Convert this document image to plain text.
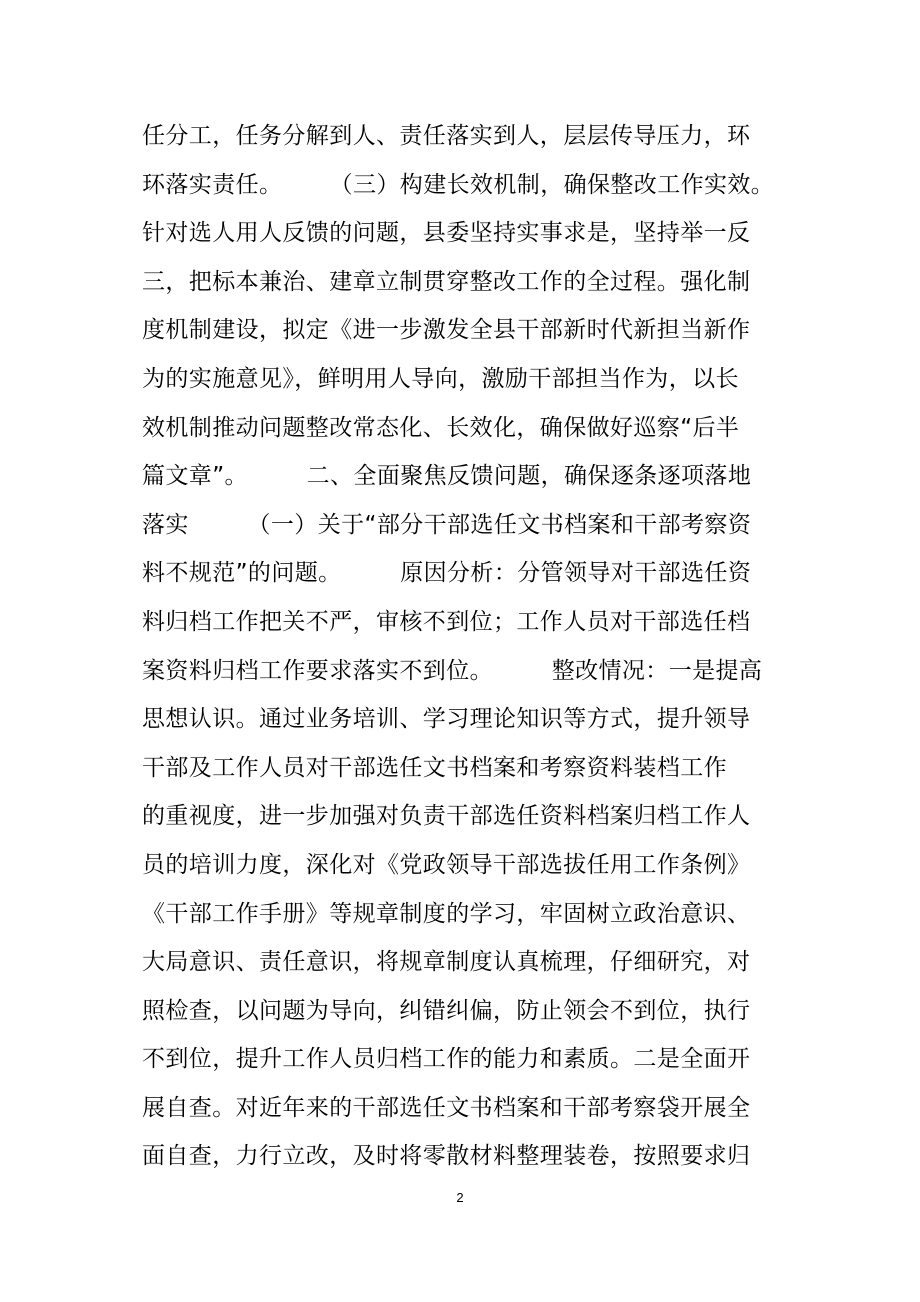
任分工，任务分解到人、责任落实到人，层层传导压力，环
环落实责任。　　　（三）构建长效机制，确保整改工作实效。
针对选人用人反馈的问题，县委坚持实事求是，坚持举一反
三，把标本兼治、建章立制贯穿整改工作的全过程。强化制
度机制建设，拟定《进一步激发全县干部新时代新担当新作
为的实施意见》，鲜明用人导向，激励干部担当作为，以长
效机制推动问题整改常态化、长效化，确保做好巡察“后半
篇文章”。　　　二、全面聚焦反馈问题，确保逐条逐项落地
落实　　　（一）关于“部分干部选任文书档案和干部考察资
料不规范”的问题。　　　原因分析：分管领导对干部选任资
料归档工作把关不严，审核不到位；工作人员对干部选任档
案资料归档工作要求落实不到位。　　　整改情况：一是提高
思想认识。通过业务培训、学习理论知识等方式，提升领导
干部及工作人员对干部选任文书档案和考察资料装档工作
的重视度，进一步加强对负责干部选任资料档案归档工作人
员的培训力度，深化对《党政领导干部选拔任用工作条例》
《干部工作手册》等规章制度的学习，牢固树立政治意识、
大局意识、责任意识，将规章制度认真梳理，仔细研究，对
照检查，以问题为导向，纠错纠偏，防止领会不到位，执行
不到位，提升工作人员归档工作的能力和素质。二是全面开
展自查。对近年来的干部选任文书档案和干部考察袋开展全
面自查，力行立改，及时将零散材料整理装卷，按照要求归
2
